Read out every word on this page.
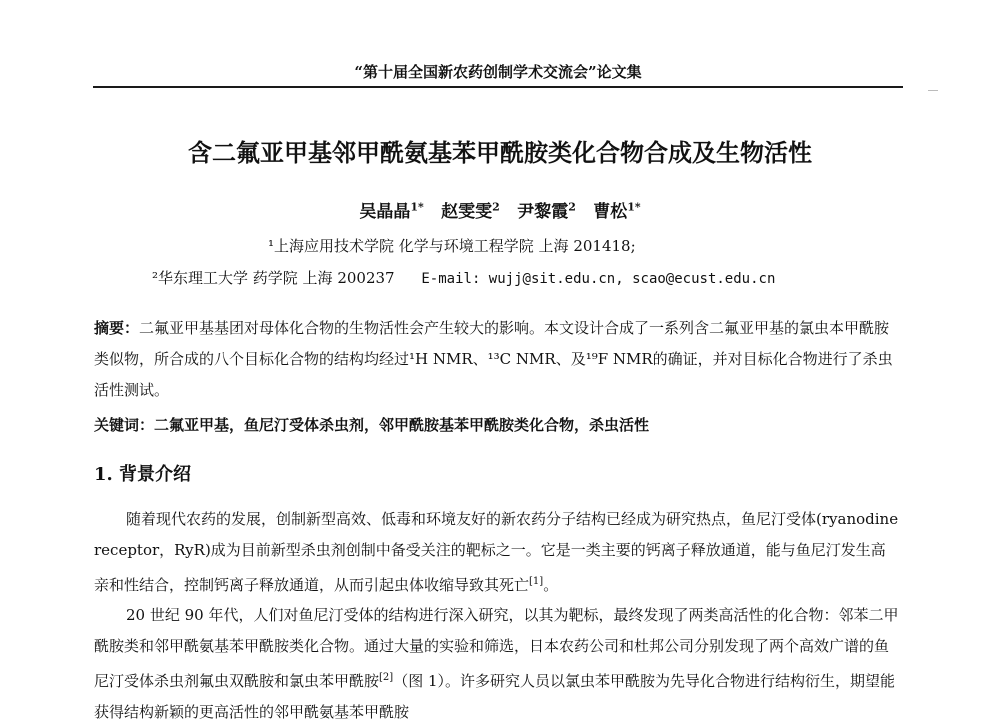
“第十届全国新农药创制学术交流会”论文集
含二氟亚甲基邻甲酰氨基苯甲酰胺类化合物合成及生物活性
吴晶晶$^{1*}$ 赵雯雯$^2$ 尹黎霞$^2$ 曹松$^{1*}$
¹上海应用技术学院 化学与环境工程学院 上海 201418;
²华东理工大学 药学院 上海 200237 E-mail: wujj@sit.edu.cn, scao@ecust.edu.cn
摘要：二氟亚甲基基团对母体化合物的生物活性会产生较大的影响。本文设计合成了一系列含二氟亚甲基的氯虫本甲酰胺类似物，所合成的八个目标化合物的结构均经过¹H NMR、¹³C NMR、及¹⁹F NMR的确证，并对目标化合物进行了杀虫活性测试。
关键词：二氟亚甲基，鱼尼汀受体杀虫剂，邻甲酰胺基苯甲酰胺类化合物，杀虫活性
1. 背景介绍
随着现代农药的发展，创制新型高效、低毒和环境友好的新农药分子结构已经成为研究热点，鱼尼汀受体(ryanodine receptor，RyR)成为目前新型杀虫剂创制中备受关注的靶标之一。它是一类主要的钙离子释放通道，能与鱼尼汀发生高亲和性结合，控制钙离子释放通道，从而引起虫体收缩导致其死亡[1]。
20 世纪 90 年代，人们对鱼尼汀受体的结构进行深入研究，以其为靶标，最终发现了两类高活性的化合物：邻苯二甲酰胺类和邻甲酰氨基苯甲酰胺类化合物。通过大量的实验和筛选，日本农药公司和杜邦公司分别发现了两个高效广谱的鱼尼汀受体杀虫剂氟虫双酰胺和氯虫苯甲酰胺[2]（图 1）。许多研究人员以氯虫苯甲酰胺为先导化合物进行结构衍生，期望能获得结构新颖的更高活性的邻甲酰氨基苯甲酰胺
